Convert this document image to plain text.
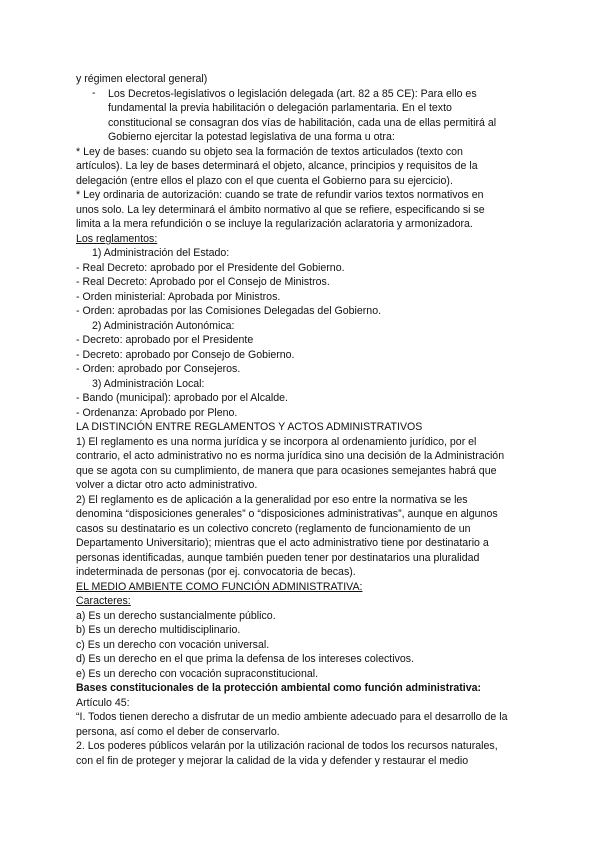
y régimen electoral general)
- Los Decretos-legislativos o legislación delegada (art. 82 a 85 CE): Para ello es
fundamental la previa habilitación o delegación parlamentaria. En el texto
constitucional se consagran dos vías de habilitación, cada una de ellas permitirá al
Gobierno ejercitar la potestad legislativa de una forma u otra:
* Ley de bases: cuando su objeto sea la formación de textos articulados (texto con
artículos). La ley de bases determinará el objeto, alcance, principios y requisitos de la
delegación (entre ellos el plazo con el que cuenta el Gobierno para su ejercicio).
* Ley ordinaria de autorización: cuando se trate de refundir varios textos normativos en
unos solo. La ley determinará el ámbito normativo al que se refiere, especificando si se
limita a la mera refundición o se incluye la regularización aclaratoria y armonizadora.
Los reglamentos:
1) Administración del Estado:
- Real Decreto: aprobado por el Presidente del Gobierno.
- Real Decreto: Aprobado por el Consejo de Ministros.
- Orden ministerial: Aprobada por Ministros.
- Orden: aprobadas por las Comisiones Delegadas del Gobierno.
2) Administración Autonómica:
- Decreto: aprobado por el Presidente
- Decreto: aprobado por Consejo de Gobierno.
- Orden: aprobado por Consejeros.
3) Administración Local:
- Bando (municipal): aprobado por el Alcalde.
- Ordenanza: Aprobado por Pleno.
LA DISTINCIÓN ENTRE REGLAMENTOS Y ACTOS ADMINISTRATIVOS
1) El reglamento es una norma jurídica y se incorpora al ordenamiento jurídico, por el
contrario, el acto administrativo no es norma jurídica sino una decisión de la Administración
que se agota con su cumplimiento, de manera que para ocasiones semejantes habrá que
volver a dictar otro acto administrativo.
2) El reglamento es de aplicación a la generalidad por eso entre la normativa se les
denomina “disposiciones generales” o “disposiciones administrativas”, aunque en algunos
casos su destinatario es un colectivo concreto (reglamento de funcionamiento de un
Departamento Universitario); mientras que el acto administrativo tiene por destinatario a
personas identificadas, aunque también pueden tener por destinatarios una pluralidad
indeterminada de personas (por ej. convocatoria de becas).
EL MEDIO AMBIENTE COMO FUNCIÓN ADMINISTRATIVA:
Caracteres:
a) Es un derecho sustancialmente público.
b) Es un derecho multidisciplinario.
c) Es un derecho con vocación universal.
d) Es un derecho en el que prima la defensa de los intereses colectivos.
e) Es un derecho con vocación supraconstitucional.
Bases constitucionales de la protección ambiental como función administrativa:
Artículo 45:
“I. Todos tienen derecho a disfrutar de un medio ambiente adecuado para el desarrollo de la
persona, así como el deber de conservarlo.
2. Los poderes públicos velarán por la utilización racional de todos los recursos naturales,
con el fin de proteger y mejorar la calidad de la vida y defender y restaurar el medio
